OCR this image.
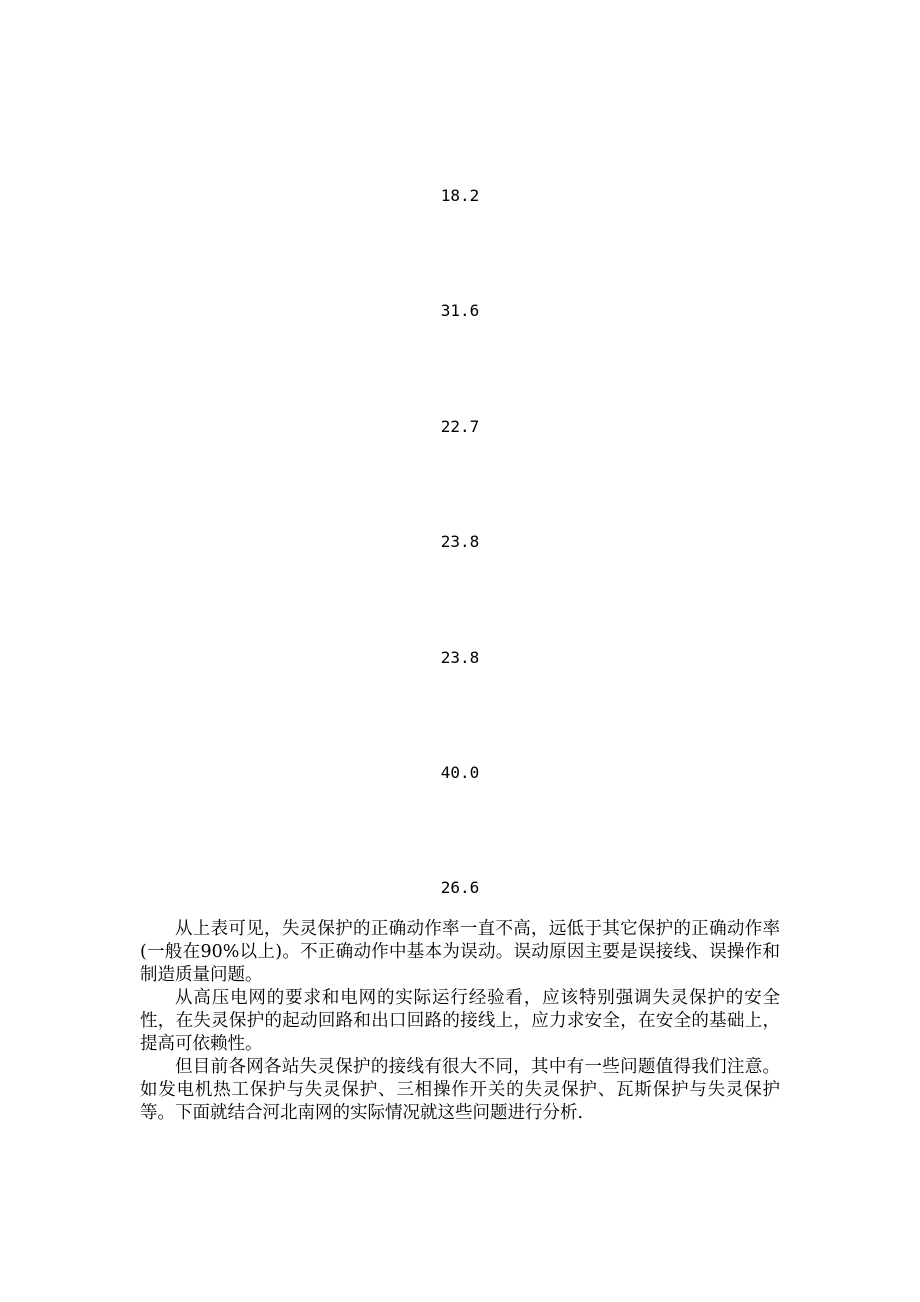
18.2
31.6
22.7
23.8
23.8
40.0
26.6

从上表可见，失灵保护的正确动作率一直不高，远低于其它保护的正确动作率(一般在90%以上)。不正确动作中基本为误动。误动原因主要是误接线、误操作和制造质量问题。

从高压电网的要求和电网的实际运行经验看，应该特别强调失灵保护的安全性，在失灵保护的起动回路和出口回路的接线上，应力求安全，在安全的基础上，提高可依赖性。

但目前各网各站失灵保护的接线有很大不同，其中有一些问题值得我们注意。如发电机热工保护与失灵保护、三相操作开关的失灵保护、瓦斯保护与失灵保护等。下面就结合河北南网的实际情况就这些问题进行分析.
